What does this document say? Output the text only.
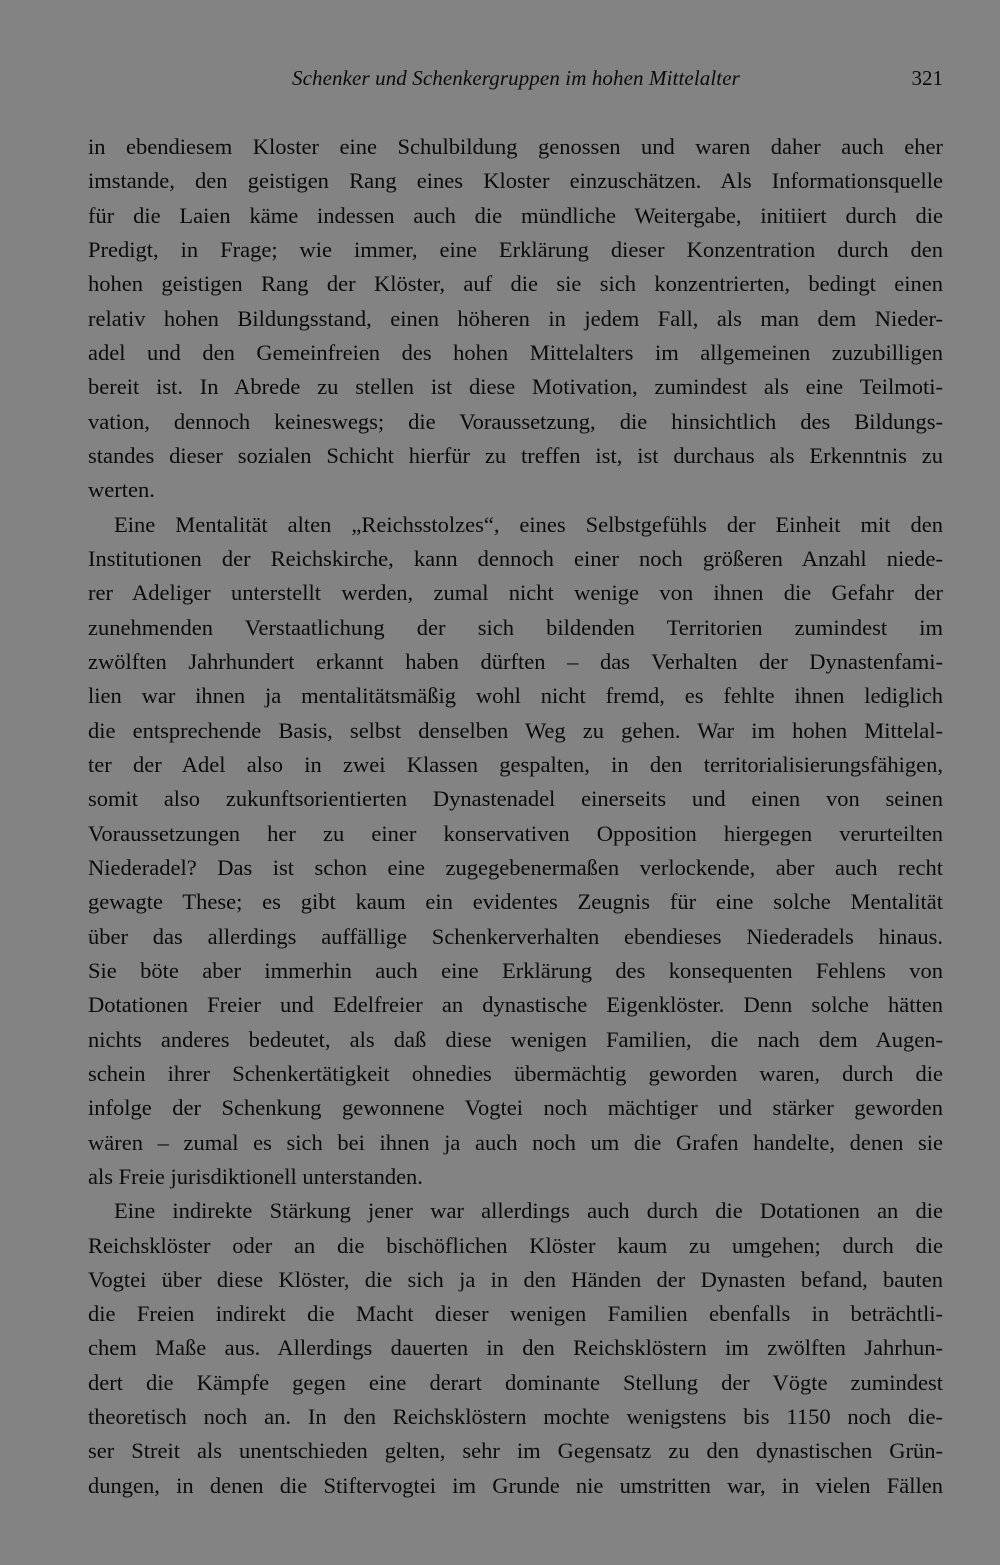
Schenker und Schenkergruppen im hohen Mittelalter	321
in ebendiesem Kloster eine Schulbildung genossen und waren daher auch eher
imstande, den geistigen Rang eines Kloster einzuschätzen. Als Informationsquelle
für die Laien käme indessen auch die mündliche Weitergabe, initiiert durch die
Predigt, in Frage; wie immer, eine Erklärung dieser Konzentration durch den
hohen geistigen Rang der Klöster, auf die sie sich konzentrierten, bedingt einen
relativ hohen Bildungsstand, einen höheren in jedem Fall, als man dem Nieder-
adel und den Gemeinfreien des hohen Mittelalters im allgemeinen zuzubilligen
bereit ist. In Abrede zu stellen ist diese Motivation, zumindest als eine Teilmoti-
vation, dennoch keineswegs; die Voraussetzung, die hinsichtlich des Bildungs-
standes dieser sozialen Schicht hierfür zu treffen ist, ist durchaus als Erkenntnis zu
werten.
Eine Mentalität alten „Reichsstolzes“, eines Selbstgefühls der Einheit mit den
Institutionen der Reichskirche, kann dennoch einer noch größeren Anzahl niede-
rer Adeliger unterstellt werden, zumal nicht wenige von ihnen die Gefahr der
zunehmenden Verstaatlichung der sich bildenden Territorien zumindest im
zwölften Jahrhundert erkannt haben dürften – das Verhalten der Dynastenfami-
lien war ihnen ja mentalitätsmäßig wohl nicht fremd, es fehlte ihnen lediglich
die entsprechende Basis, selbst denselben Weg zu gehen. War im hohen Mittelal-
ter der Adel also in zwei Klassen gespalten, in den territorialisierungsfähigen,
somit also zukunftsorientierten Dynastenadel einerseits und einen von seinen
Voraussetzungen her zu einer konservativen Opposition hiergegen verurteilten
Niederadel? Das ist schon eine zugegebenermaßen verlockende, aber auch recht
gewagte These; es gibt kaum ein evidentes Zeugnis für eine solche Mentalität
über das allerdings auffällige Schenkerverhalten ebendieses Niederadels hinaus.
Sie böte aber immerhin auch eine Erklärung des konsequenten Fehlens von
Dotationen Freier und Edelfreier an dynastische Eigenklöster. Denn solche hätten
nichts anderes bedeutet, als daß diese wenigen Familien, die nach dem Augen-
schein ihrer Schenkertätigkeit ohnedies übermächtig geworden waren, durch die
infolge der Schenkung gewonnene Vogtei noch mächtiger und stärker geworden
wären – zumal es sich bei ihnen ja auch noch um die Grafen handelte, denen sie
als Freie jurisdiktionell unterstanden.
Eine indirekte Stärkung jener war allerdings auch durch die Dotationen an die
Reichsklöster oder an die bischöflichen Klöster kaum zu umgehen; durch die
Vogtei über diese Klöster, die sich ja in den Händen der Dynasten befand, bauten
die Freien indirekt die Macht dieser wenigen Familien ebenfalls in beträchtli-
chem Maße aus. Allerdings dauerten in den Reichsklöstern im zwölften Jahrhun-
dert die Kämpfe gegen eine derart dominante Stellung der Vögte zumindest
theoretisch noch an. In den Reichsklöstern mochte wenigstens bis 1150 noch die-
ser Streit als unentschieden gelten, sehr im Gegensatz zu den dynastischen Grün-
dungen, in denen die Stiftervogtei im Grunde nie umstritten war, in vielen Fällen
